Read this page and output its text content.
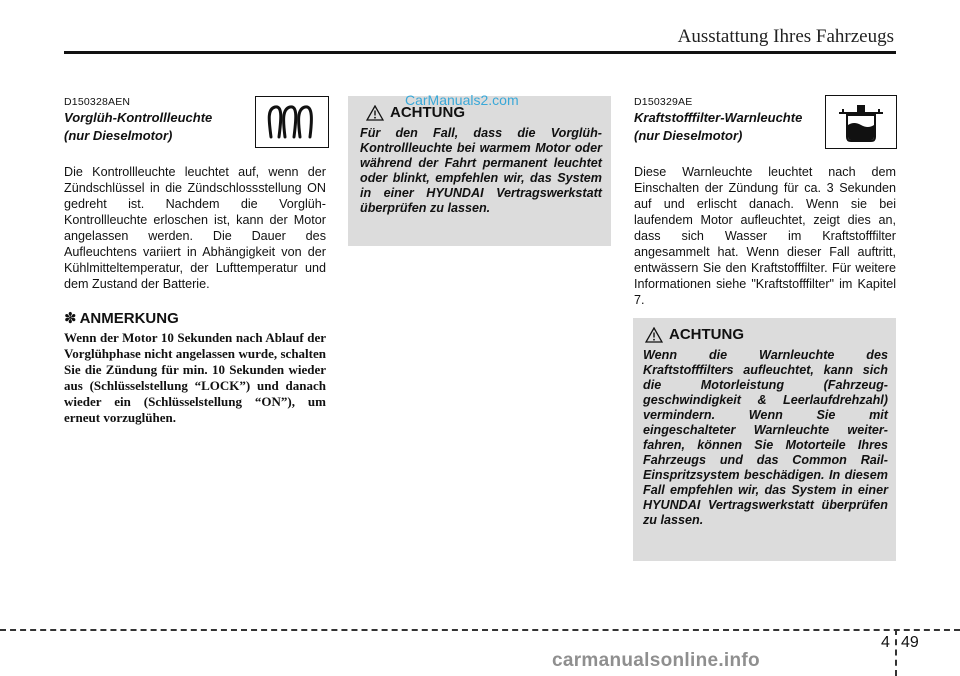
Ausstattung Ihres Fahrzeugs
D150328AEN
Vorglüh-Kontrollleuchte
(nur Dieselmotor)
Die Kontrollleuchte leuchtet auf, wenn der Zündschlüssel in die Zündschlossstellung ON gedreht ist. Nachdem die Vorglüh-Kontrollleuchte erloschen ist, kann der Motor angelassen werden. Die Dauer des Aufleuchtens variiert in Abhängigkeit von der Kühlmitteltemperatur, der Lufttemperatur und dem Zustand der Batterie.
✽ ANMERKUNG
Wenn der Motor 10 Sekunden nach Ablauf der Vorglühphase nicht angelassen wurde, schalten Sie die Zündung für min. 10 Sekunden wieder aus (Schlüsselstellung “LOCK”) und danach wieder ein (Schlüsselstellung “ON”), um erneut vorzuglühen.
ACHTUNG
Für den Fall, dass die Vorglüh-Kontrollleuchte bei warmem Motor oder während der Fahrt permanent leuchtet oder blinkt, empfehlen wir, das System in einer HYUNDAI Vertragswerkstatt überprüfen zu lassen.
CarManuals2.com	D150329AE
Kraftstofffilter-Warnleuchte
(nur Dieselmotor)
Diese Warnleuchte leuchtet nach dem Einschalten der Zündung für ca. 3 Sekunden auf und erlischt danach. Wenn sie bei laufendem Motor aufleuchtet, zeigt dies an, dass sich Wasser im Kraftstofffilter angesammelt hat. Wenn dieser Fall auftritt, entwässern Sie den Kraftstofffilter. Für weitere Informationen siehe "Kraftstofffilter" im Kapitel 7.
ACHTUNG
Wenn die Warnleuchte des Kraftstofffilters aufleuchtet, kann sich die Motorleistung (Fahrzeuggeschwindigkeit & Leerlaufdrehzahl) vermindern. Wenn Sie mit eingeschalteter Warnleuchte weiterfahren, können Sie Motorteile Ihres Fahrzeugs und das Common Rail-Einspritzsystem beschädigen. In diesem Fall empfehlen wir, das System in einer HYUNDAI Vertragswerkstatt überprüfen zu lassen.
4 49
carmanualsonline.info
